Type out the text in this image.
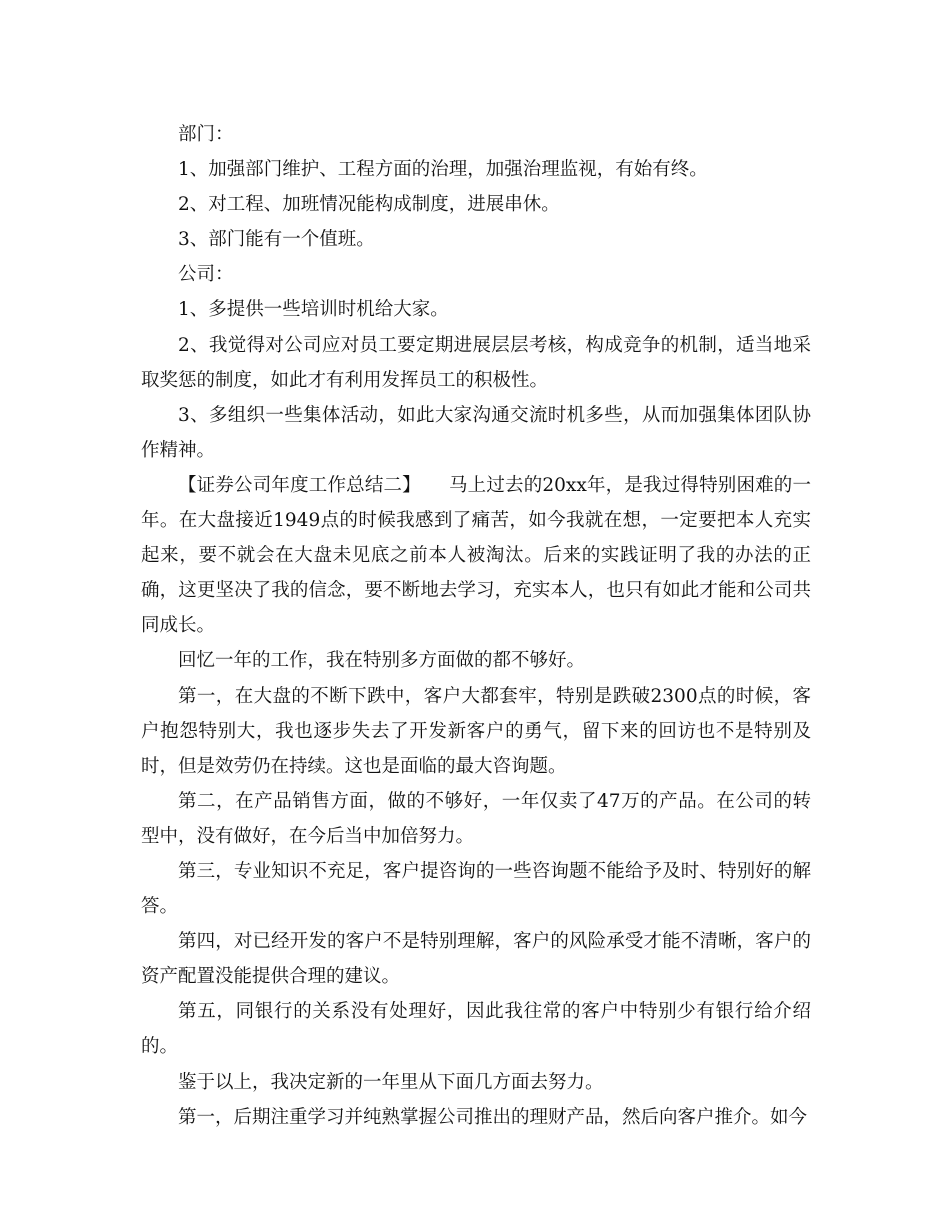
部门：

1、加强部门维护、工程方面的治理，加强治理监视，有始有终。

2、对工程、加班情况能构成制度，进展串休。

3、部门能有一个值班。

公司：

1、多提供一些培训时机给大家。

2、我觉得对公司应对员工要定期进展层层考核，构成竞争的机制，适当地采取奖惩的制度，如此才有利用发挥员工的积极性。

3、多组织一些集体活动，如此大家沟通交流时机多些，从而加强集体团队协作精神。

【证券公司年度工作总结二】　　马上过去的20xx年，是我过得特别困难的一年。在大盘接近1949点的时候我感到了痛苦，如今我就在想，一定要把本人充实起来，要不就会在大盘未见底之前本人被淘汰。后来的实践证明了我的办法的正确，这更坚决了我的信念，要不断地去学习，充实本人，也只有如此才能和公司共同成长。

回忆一年的工作，我在特别多方面做的都不够好。

第一，在大盘的不断下跌中，客户大都套牢，特别是跌破2300点的时候，客户抱怨特别大，我也逐步失去了开发新客户的勇气，留下来的回访也不是特别及时，但是效劳仍在持续。这也是面临的最大咨询题。

第二，在产品销售方面，做的不够好，一年仅卖了47万的产品。在公司的转型中，没有做好，在今后当中加倍努力。

第三，专业知识不充足，客户提咨询的一些咨询题不能给予及时、特别好的解答。

第四，对已经开发的客户不是特别理解，客户的风险承受才能不清晰，客户的资产配置没能提供合理的建议。

第五，同银行的关系没有处理好，因此我往常的客户中特别少有银行给介绍的。

鉴于以上，我决定新的一年里从下面几方面去努力。

第一，后期注重学习并纯熟掌握公司推出的理财产品，然后向客户推介。如今
